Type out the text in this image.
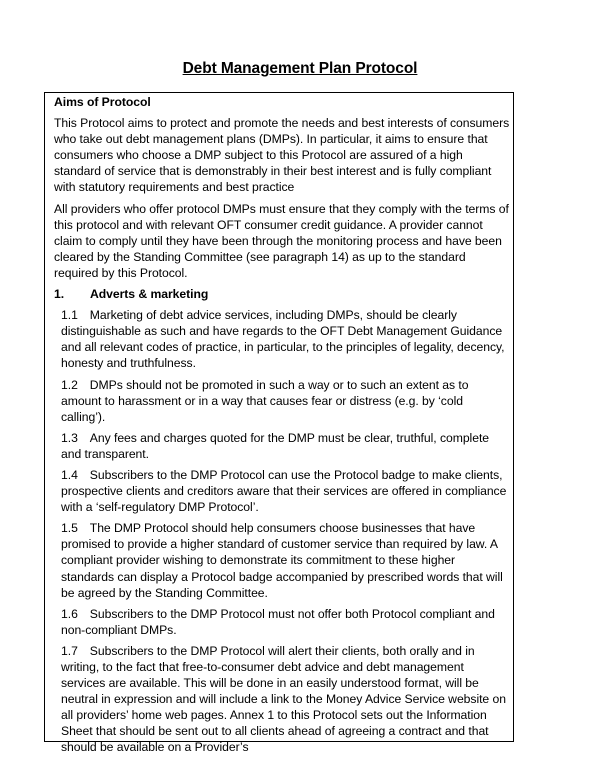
Debt Management Plan Protocol
Aims of Protocol
This Protocol aims to protect and promote the needs and best interests of consumers who take out debt management plans (DMPs). In particular, it aims to ensure that consumers who choose a DMP subject to this Protocol are assured of a high standard of service that is demonstrably in their best interest and is fully compliant with statutory requirements and best practice
All providers who offer protocol DMPs must ensure that they comply with the terms of this protocol and with relevant OFT consumer credit guidance. A provider cannot claim to comply until they have been through the monitoring process and have been cleared by the Standing Committee (see paragraph 14) as up to the standard required by this Protocol.
1.	Adverts & marketing
1.1 Marketing of debt advice services, including DMPs, should be clearly distinguishable as such and have regards to the OFT Debt Management Guidance and all relevant codes of practice, in particular, to the principles of legality, decency, honesty and truthfulness.
1.2 DMPs should not be promoted in such a way or to such an extent as to amount to harassment or in a way that causes fear or distress (e.g. by ‘cold calling’).
1.3 Any fees and charges quoted for the DMP must be clear, truthful, complete and transparent.
1.4 Subscribers to the DMP Protocol can use the Protocol badge to make clients, prospective clients and creditors aware that their services are offered in compliance with a ‘self-regulatory DMP Protocol’.
1.5 The DMP Protocol should help consumers choose businesses that have promised to provide a higher standard of customer service than required by law. A compliant provider wishing to demonstrate its commitment to these higher standards can display a Protocol badge accompanied by prescribed words that will be agreed by the Standing Committee.
1.6 Subscribers to the DMP Protocol must not offer both Protocol compliant and non-compliant DMPs.
1.7 Subscribers to the DMP Protocol will alert their clients, both orally and in writing, to the fact that free-to-consumer debt advice and debt management services are available. This will be done in an easily understood format, will be neutral in expression and will include a link to the Money Advice Service website on all providers’ home web pages. Annex 1 to this Protocol sets out the Information Sheet that should be sent out to all clients ahead of agreeing a contract and that should be available on a Provider’s
